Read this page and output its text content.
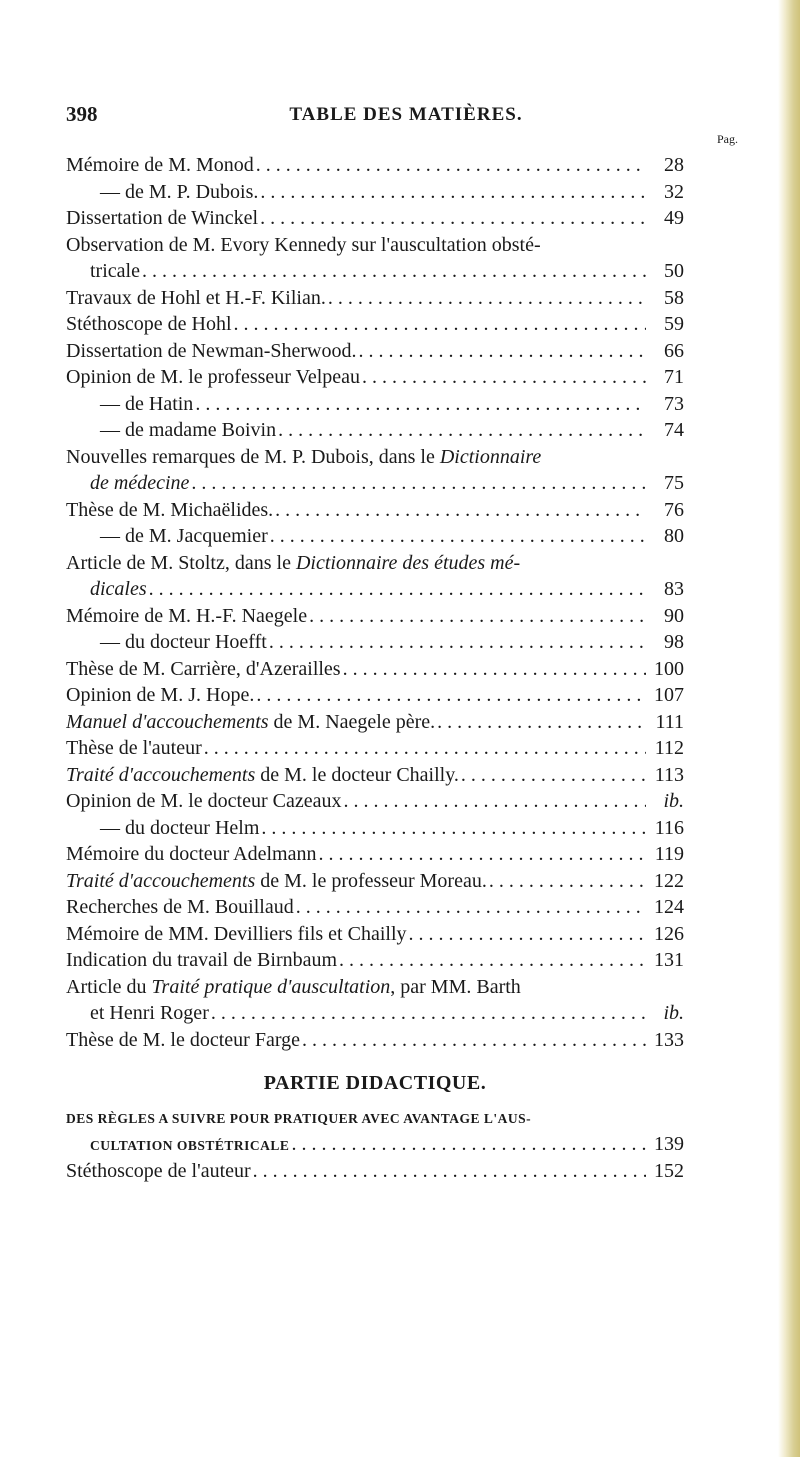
398	TABLE DES MATIÈRES.
Pag.
Mémoire de M. Monod . . .	28
— de M. P. Dubois. . . .	32
Dissertation de Winckel . . .	49
Observation de M. Evory Kennedy sur l'auscultation obsté-
tricale . . .	50
Travaux de Hohl et H.-F. Kilian. . . .	58
Stéthoscope de Hohl . . .	59
Dissertation de Newman-Sherwood. . . .	66
Opinion de M. le professeur Velpeau . . .	71
— de Hatin . . .	73
— de madame Boivin . . .	74
Nouvelles remarques de M. P. Dubois, dans le Dictionnaire
de médecine . . .	75
Thèse de M. Michaëlides. . . .	76
— de M. Jacquemier . . .	80
Article de M. Stoltz, dans le Dictionnaire des études mé-
dicales . . .	83
Mémoire de M. H.-F. Naegele . . .	90
— du docteur Hoefft . . .	98
Thèse de M. Carrière, d'Azerailles . . .	100
Opinion de M. J. Hope. . . .	107
Manuel d'accouchements de M. Naegele père. . . .	111
Thèse de l'auteur . . .	112
Traité d'accouchements de M. le docteur Chailly. . . .	113
Opinion de M. le docteur Cazeaux . . .	ib.
— du docteur Helm . . .	116
Mémoire du docteur Adelmann . . .	119
Traité d'accouchements de M. le professeur Moreau. . . .	122
Recherches de M. Bouillaud . . .	124
Mémoire de MM. Devilliers fils et Chailly . . .	126
Indication du travail de Birnbaum . . .	131
Article du Traité pratique d'auscultation, par MM. Barth
et Henri Roger . . .	ib.
Thèse de M. le docteur Farge . . .	133
PARTIE DIDACTIQUE.
DES RÈGLES A SUIVRE POUR PRATIQUER AVEC AVANTAGE L'AUS-
CULTATION OBSTÉTRICALE . . .	139
Stéthoscope de l'auteur . . .	152
